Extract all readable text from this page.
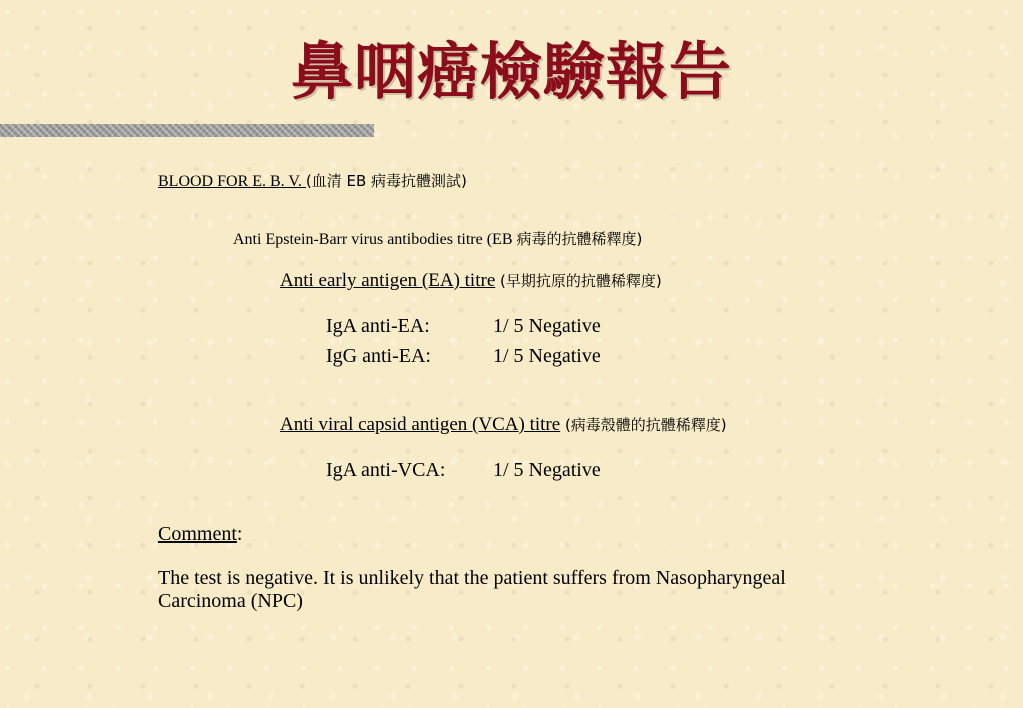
鼻咽癌檢驗報告
BLOOD FOR E. B. V. (血清 EB 病毒抗體測試)
Anti Epstein-Barr virus antibodies titre (EB 病毒的抗體稀釋度)
Anti early antigen (EA) titre (早期抗原的抗體稀釋度)
IgA anti-EA:	1/ 5 Negative
IgG anti-EA:	1/ 5 Negative
Anti viral capsid antigen (VCA) titre (病毒殼體的抗體稀釋度)
IgA anti-VCA: 1/ 5 Negative
Comment:
The test is negative. It is unlikely that the patient suffers from Nasopharyngeal Carcinoma (NPC)
